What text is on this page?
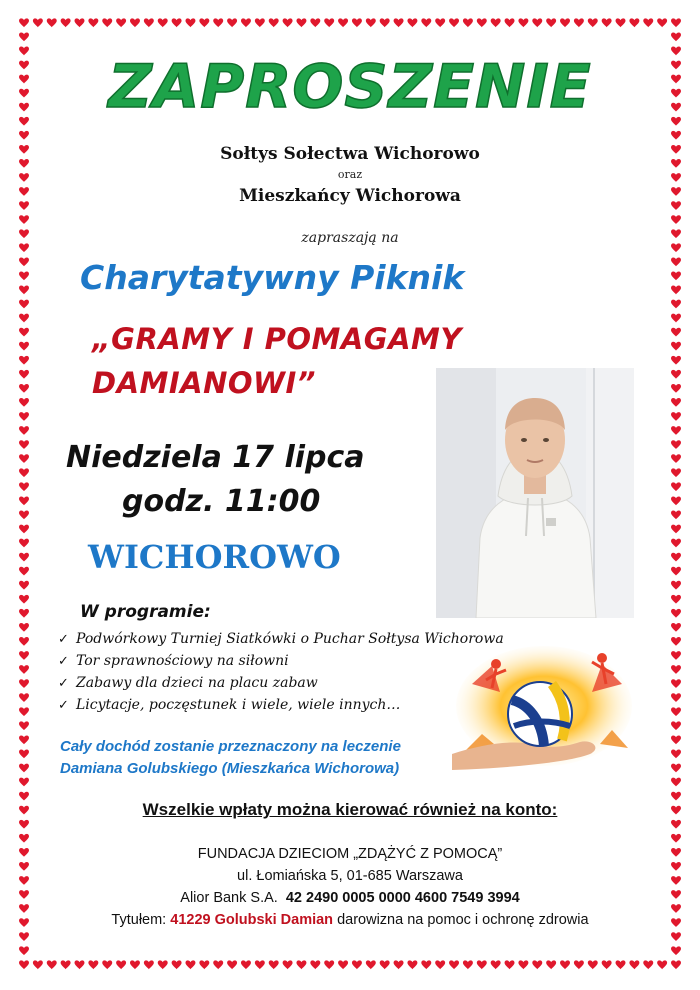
ZAPROSZENIE
Sołtys Sołectwa Wichorowo
oraz
Mieszkańcy Wichorowa
zapraszają na
Charytatywny Piknik
„GRAMY I POMAGAMY
DAMIANOWI”
Niedziela 17 lipca
godz. 11:00
WICHOROWO
W programie:
✓ Podwórkowy Turniej Siatkówki o Puchar Sołtysa Wichorowa
✓ Tor sprawnościowy na siłowni
✓ Zabawy dla dzieci na placu zabaw
✓ Licytacje, poczęstunek i wiele, wiele innych…
Cały dochód zostanie przeznaczony na leczenie
Damiana Golubskiego (Mieszkańca Wichorowa)
Wszelkie wpłaty można kierować również na konto:
FUNDACJA DZIECIOM „ZDĄŻYĆ Z POMOCĄ”
ul. Łomiańska 5, 01-685 Warszawa
Alior Bank S.A. 42 2490 0005 0000 4600 7549 3994
Tytułem: 41229 Golubski Damian darowizna na pomoc i ochronę zdrowia
